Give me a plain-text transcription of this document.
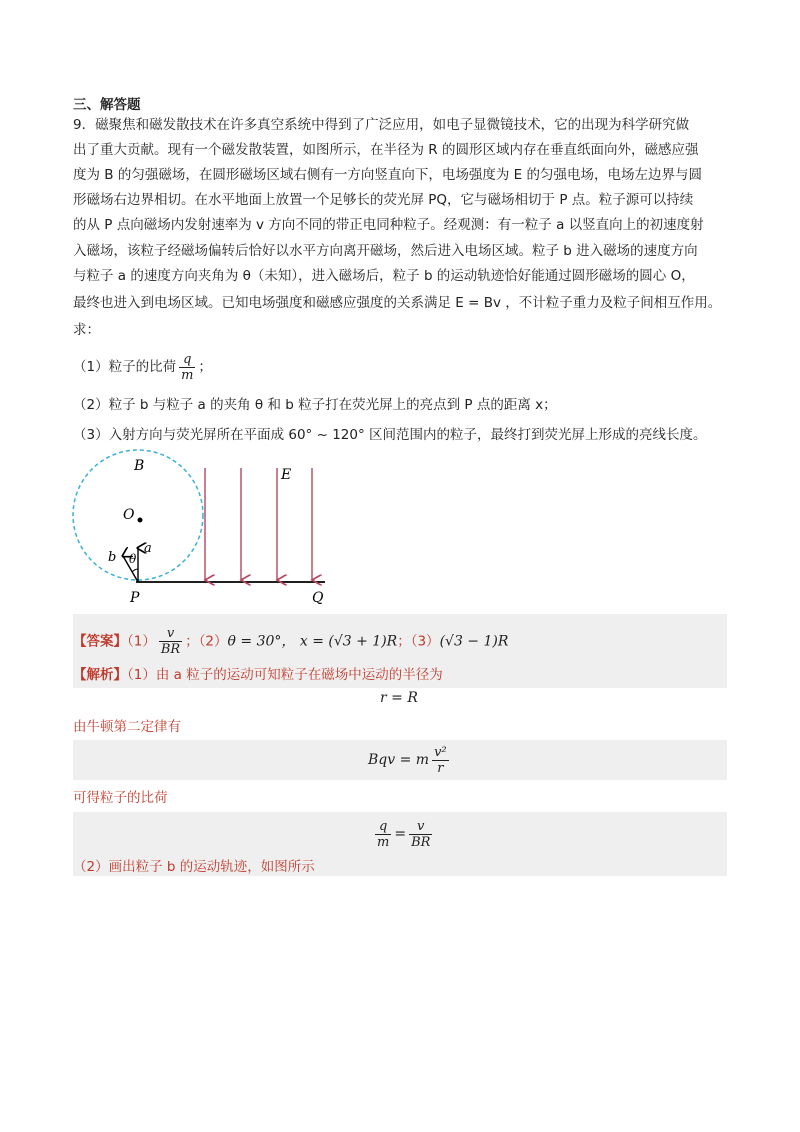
三、解答题
9．磁聚焦和磁发散技术在许多真空系统中得到了广泛应用，如电子显微镜技术，它的出现为科学研究做
出了重大贡献。现有一个磁发散装置，如图所示，在半径为 R 的圆形区域内存在垂直纸面向外，磁感应强
度为 B 的匀强磁场，在圆形磁场区域右侧有一方向竖直向下，电场强度为 E 的匀强电场，电场左边界与圆
形磁场右边界相切。在水平地面上放置一个足够长的荧光屏 PQ，它与磁场相切于 P 点。粒子源可以持续
的从 P 点向磁场内发射速率为 v 方向不同的带正电同种粒子。经观测：有一粒子 a 以竖直向上的初速度射
入磁场，该粒子经磁场偏转后恰好以水平方向离开磁场，然后进入电场区域。粒子 b 进入磁场的速度方向
与粒子 a 的速度方向夹角为 θ（未知），进入磁场后，粒子 b 的运动轨迹恰好能通过圆形磁场的圆心 O，
最终也进入到电场区域。已知电场强度和磁感应强度的关系满足 E = Bv ，不计粒子重力及粒子间相互作用。
求：
（1）粒子的比荷 $\frac{q}{m}$ ；
（2）粒子 b 与粒子 a 的夹角 θ 和 b 粒子打在荧光屏上的亮点到 P 点的距离 x；
（3）入射方向与荧光屏所在平面成 60° ~ 120° 区间范围内的粒子，最终打到荧光屏上形成的亮线长度。
B
E
O
a
b θ
P	Q
【答案】$(1) \frac{v}{BR}$ ；（2）θ = 30°， x = (√3 + 1)R；（3）(√3 − 1)R
【解析】（1）由 a 粒子的运动可知粒子在磁场中运动的半径为
r = R
由牛顿第二定律有
Bqv = m $\frac{\text{v²}}{r}$
可得粒子的比荷
$\frac{q}{m} = \frac{v}{BR}$
（2）画出粒子 b 的运动轨迹，如图所示
